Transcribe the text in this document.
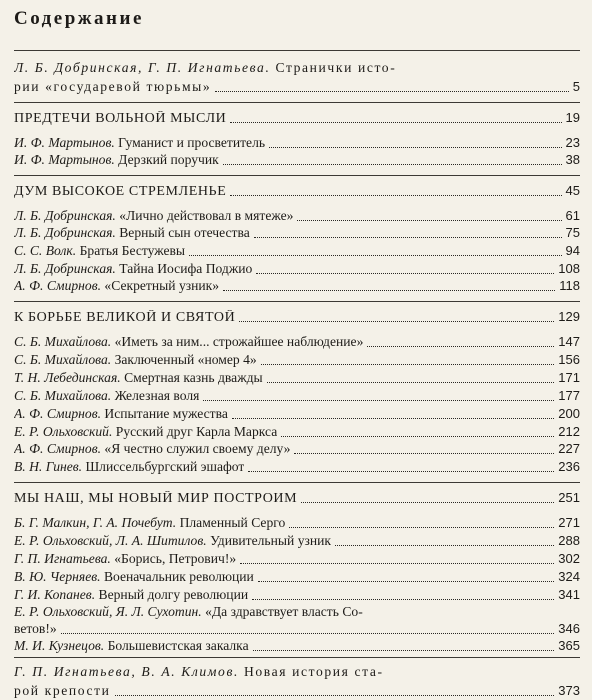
Содержание
Л. Б. Добринская, Г. П. Игнатьева. Странички исто-
рии «государевой тюрьмы»	5
ПРЕДТЕЧИ ВОЛЬНОЙ МЫСЛИ	19
И. Ф. Мартынов. Гуманист и просветитель	23
И. Ф. Мартынов. Дерзкий поручик	38
ДУМ ВЫСОКОЕ СТРЕМЛЕНЬЕ	45
Л. Б. Добринская. «Лично действовал в мятеже»	61
Л. Б. Добринская. Верный сын отечества	75
С. С. Волк. Братья Бестужевы	94
Л. Б. Добринская. Тайна Иосифа Поджио	108
А. Ф. Смирнов. «Секретный узник»	118
К БОРЬБЕ ВЕЛИКОЙ И СВЯТОЙ	129
С. Б. Михайлова. «Иметь за ним... строжайшее наблюдение»	147
С. Б. Михайлова. Заключенный «номер 4»	156
Т. Н. Лебединская. Смертная казнь дважды	171
С. Б. Михайлова. Железная воля	177
А. Ф. Смирнов. Испытание мужества	200
Е. Р. Ольховский. Русский друг Карла Маркса	212
А. Ф. Смирнов. «Я честно служил своему делу»	227
В. Н. Гинев. Шлиссельбургский эшафот	236
МЫ НАШ, МЫ НОВЫЙ МИР ПОСТРОИМ	251
Б. Г. Малкин, Г. А. Почебут. Пламенный Серго	271
Е. Р. Ольховский, Л. А. Шитилов. Удивительный узник	288
Г. П. Игнатьева. «Борись, Петрович!»	302
В. Ю. Черняев. Военачальник революции	324
Г. И. Копанев. Верный долгу революции	341
Е. Р. Ольховский, Я. Л. Сухотин. «Да здравствует власть Со-
ветов!»	346
М. И. Кузнецов. Большевистская закалка	365
Г. П. Игнатьева, В. А. Климов. Новая история ста-
рой крепости	373
